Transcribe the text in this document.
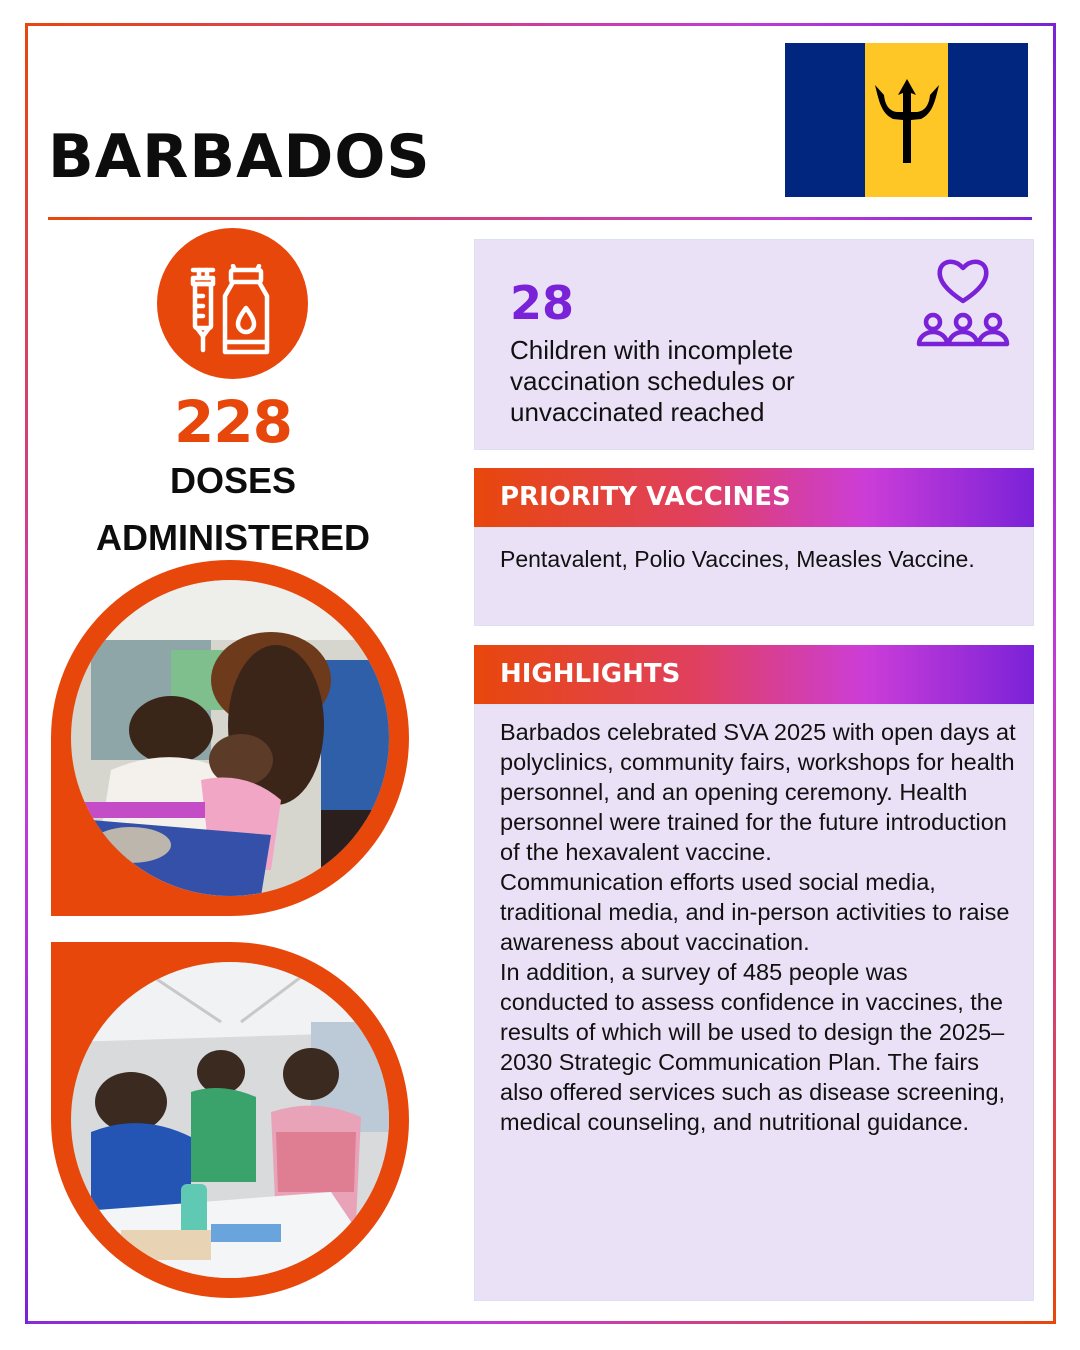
BARBADOS
228
DOSES
ADMINISTERED
28
Children with incomplete vaccination schedules or unvaccinated reached
PRIORITY VACCINES
Pentavalent, Polio Vaccines, Measles Vaccine.
HIGHLIGHTS

Barbados celebrated SVA 2025 with open days at polyclinics, community fairs, workshops for health personnel, and an opening ceremony. Health personnel were trained for the future introduction of the hexavalent vaccine.

Communication efforts used social media, traditional media, and in-person activities to raise awareness about vaccination.

In addition, a survey of 485 people was conducted to assess confidence in vaccines, the results of which will be used to design the 2025–2030 Strategic Communication Plan. The fairs also offered services such as disease screening, medical counseling, and nutritional guidance.
